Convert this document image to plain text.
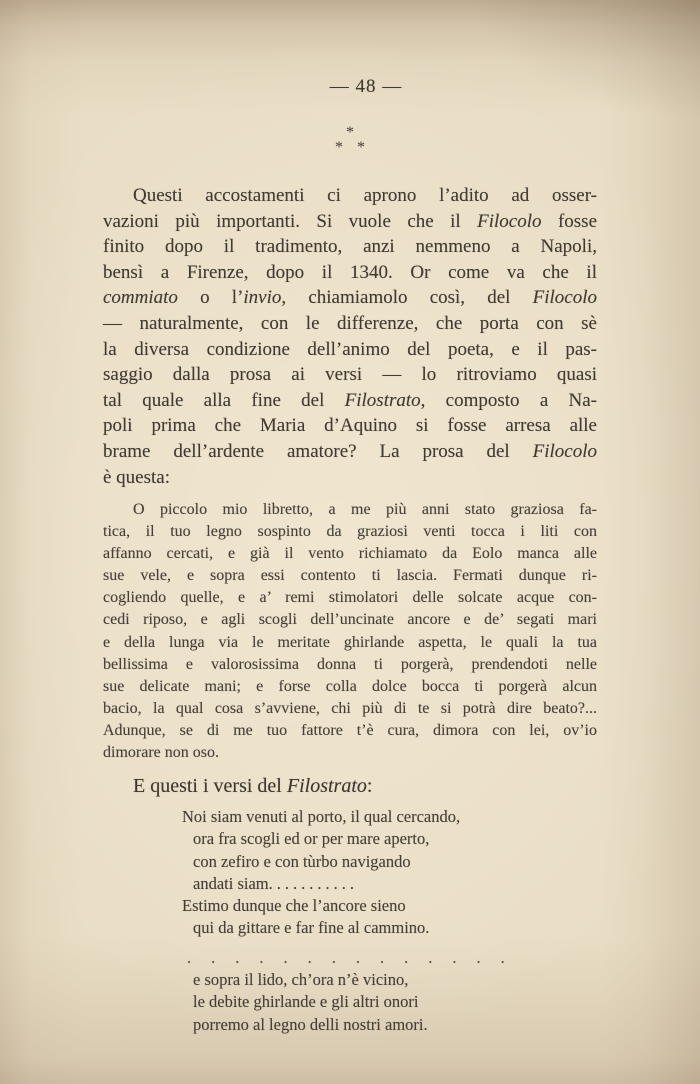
— 48 —
*
* *
Questi accostamenti ci aprono l’adito ad osser-
vazioni più importanti. Si vuole che il Filocolo fosse
finito dopo il tradimento, anzi nemmeno a Napoli,
bensì a Firenze, dopo il 1340. Or come va che il
commiato o l’invio, chiamiamolo così, del Filocolo
— naturalmente, con le differenze, che porta con sè
la diversa condizione dell’animo del poeta, e il pas-
saggio dalla prosa ai versi — lo ritroviamo quasi
tal quale alla fine del Filostrato, composto a Na-
poli prima che Maria d’Aquino si fosse arresa alle
brame dell’ardente amatore? La prosa del Filocolo
è questa:
O piccolo mio libretto, a me più anni stato graziosa fa-
tica, il tuo legno sospinto da graziosi venti tocca i liti con
affanno cercati, e già il vento richiamato da Eolo manca alle
sue vele, e sopra essi contento ti lascia. Fermati dunque ri-
cogliendo quelle, e a’ remi stimolatori delle solcate acque con-
cedi riposo, e agli scogli dell’uncinate ancore e de’ segati mari
e della lunga via le meritate ghirlande aspetta, le quali la tua
bellissima e valorosissima donna ti porgerà, prendendoti nelle
sue delicate mani; e forse colla dolce bocca ti porgerà alcun
bacio, la qual cosa s’avviene, chi più di te si potrà dire beato?...
Adunque, se di me tuo fattore t’è cura, dimora con lei, ov’io
dimorare non oso.
E questi i versi del Filostrato:
Noi siam venuti al porto, il qual cercando,
ora fra scogli ed or per mare aperto,
con zefiro e con tùrbo navigando
andati siam...........
Estimo dunque che l’ancore sieno
qui da gittare e far fine al cammino.
..............
e sopra il lido, ch’ora n’è vicino,
le debite ghirlande e gli altri onori
porremo al legno delli nostri amori.
